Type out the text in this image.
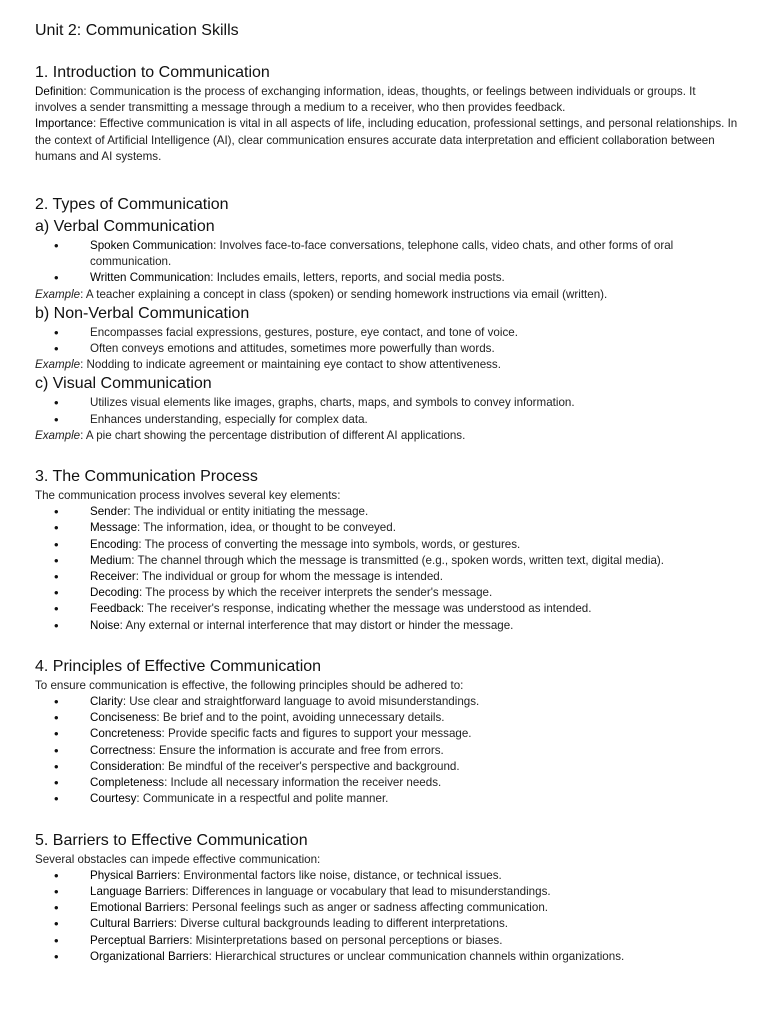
Unit 2: Communication Skills
1. Introduction to Communication

Definition: Communication is the process of exchanging information, ideas, thoughts, or feelings between individuals or groups. It involves a sender transmitting a message through a medium to a receiver, who then provides feedback.

Importance: Effective communication is vital in all aspects of life, including education, professional settings, and personal relationships. In the context of Artificial Intelligence (AI), clear communication ensures accurate data interpretation and efficient collaboration between humans and AI systems.

2. Types of Communication
a) Verbal Communication
• Spoken Communication: Involves face-to-face conversations, telephone calls, video chats, and other forms of oral communication.
• Written Communication: Includes emails, letters, reports, and social media posts.

Example: A teacher explaining a concept in class (spoken) or sending homework instructions via email (written).

b) Non-Verbal Communication
• Encompasses facial expressions, gestures, posture, eye contact, and tone of voice.
• Often conveys emotions and attitudes, sometimes more powerfully than words.

Example: Nodding to indicate agreement or maintaining eye contact to show attentiveness.

c) Visual Communication
• Utilizes visual elements like images, graphs, charts, maps, and symbols to convey information.
• Enhances understanding, especially for complex data.

Example: A pie chart showing the percentage distribution of different AI applications.

3. The Communication Process

The communication process involves several key elements:

• Sender: The individual or entity initiating the message.
• Message: The information, idea, or thought to be conveyed.
• Encoding: The process of converting the message into symbols, words, or gestures.
• Medium: The channel through which the message is transmitted (e.g., spoken words, written text, digital media).
• Receiver: The individual or group for whom the message is intended.
• Decoding: The process by which the receiver interprets the sender's message.
• Feedback: The receiver's response, indicating whether the message was understood as intended.
• Noise: Any external or internal interference that may distort or hinder the message.
4. Principles of Effective Communication

To ensure communication is effective, the following principles should be adhered to:

• Clarity: Use clear and straightforward language to avoid misunderstandings.
• Conciseness: Be brief and to the point, avoiding unnecessary details.
• Concreteness: Provide specific facts and figures to support your message.
• Correctness: Ensure the information is accurate and free from errors.
• Consideration: Be mindful of the receiver's perspective and background.
• Completeness: Include all necessary information the receiver needs.
• Courtesy: Communicate in a respectful and polite manner.
5. Barriers to Effective Communication

Several obstacles can impede effective communication:

• Physical Barriers: Environmental factors like noise, distance, or technical issues.
• Language Barriers: Differences in language or vocabulary that lead to misunderstandings.
• Emotional Barriers: Personal feelings such as anger or sadness affecting communication.
• Cultural Barriers: Diverse cultural backgrounds leading to different interpretations.
• Perceptual Barriers: Misinterpretations based on personal perceptions or biases.
• Organizational Barriers: Hierarchical structures or unclear communication channels within organizations.
